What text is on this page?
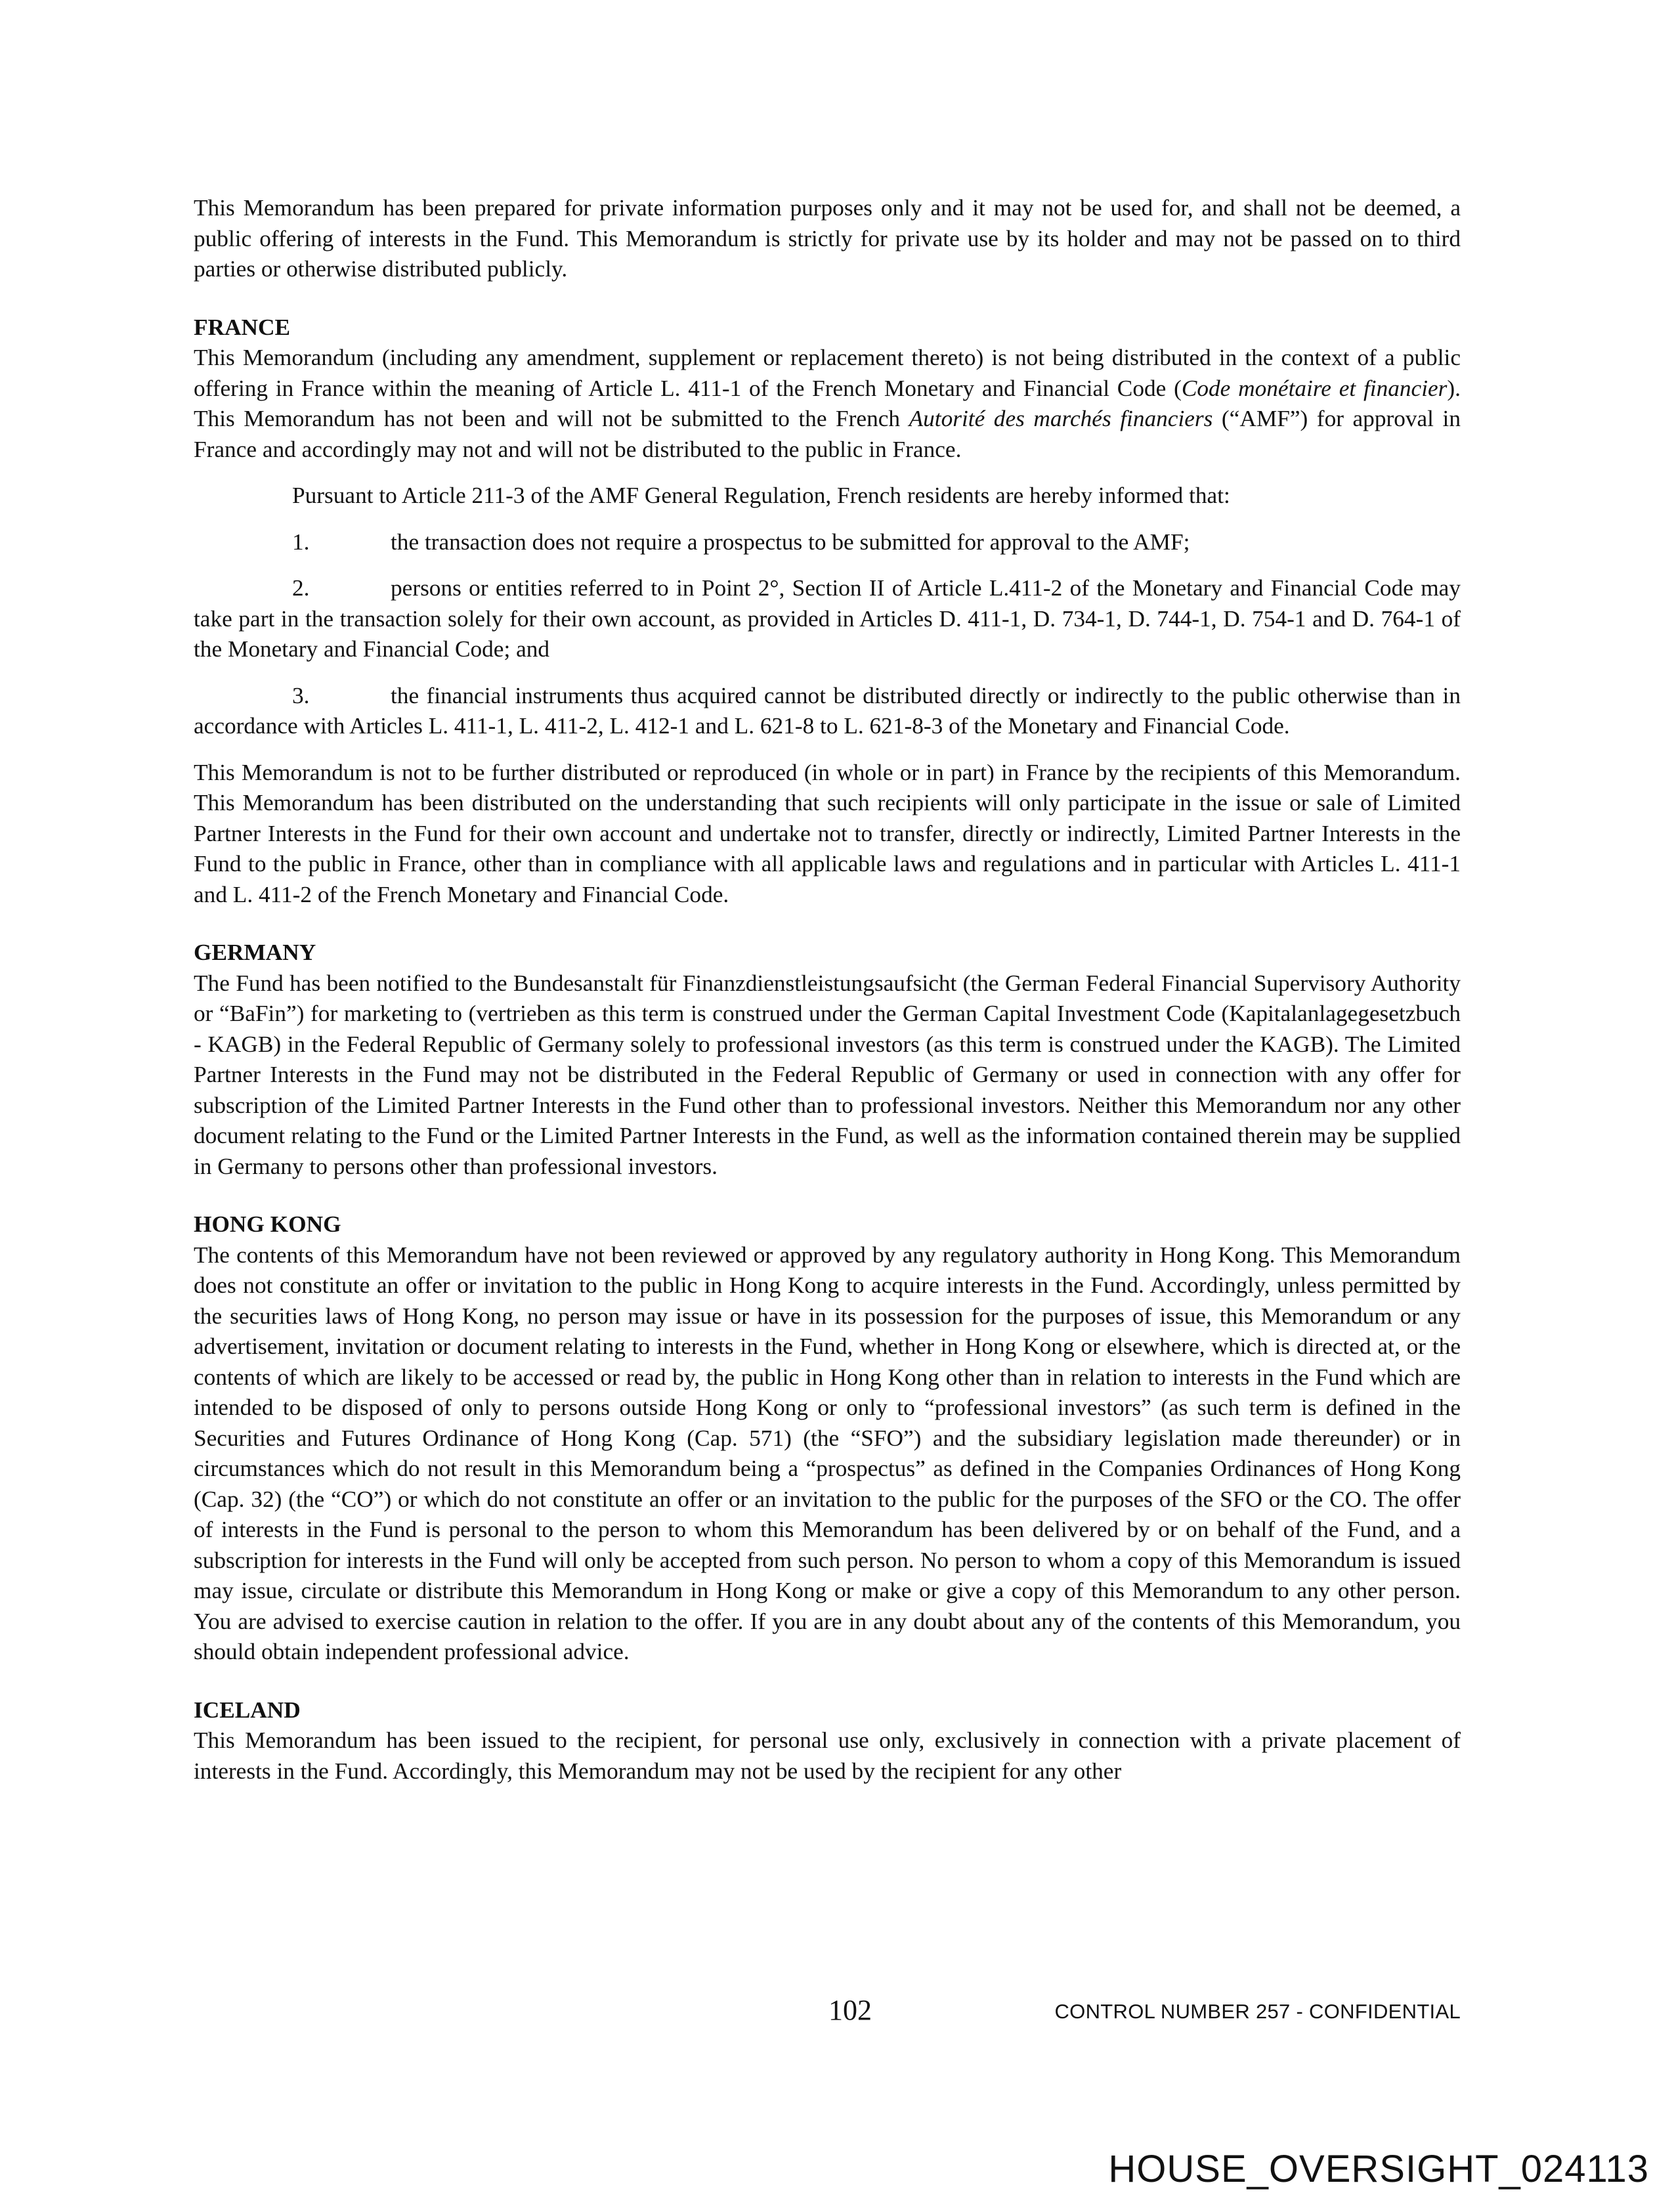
This Memorandum has been prepared for private information purposes only and it may not be used for, and shall not be deemed, a public offering of interests in the Fund. This Memorandum is strictly for private use by its holder and may not be passed on to third parties or otherwise distributed publicly.

FRANCE

This Memorandum (including any amendment, supplement or replacement thereto) is not being distributed in the context of a public offering in France within the meaning of Article L. 411-1 of the French Monetary and Financial Code (Code monétaire et financier). This Memorandum has not been and will not be submitted to the French Autorité des marchés financiers (“AMF”) for approval in France and accordingly may not and will not be distributed to the public in France.

Pursuant to Article 211-3 of the AMF General Regulation, French residents are hereby informed that:

1.	the transaction does not require a prospectus to be submitted for approval to the AMF;

2.	persons or entities referred to in Point 2°, Section II of Article L.411-2 of the Monetary and Financial Code may take part in the transaction solely for their own account, as provided in Articles D. 411-1, D. 734-1, D. 744-1, D. 754-1 and D. 764-1 of the Monetary and Financial Code; and

3.	the financial instruments thus acquired cannot be distributed directly or indirectly to the public otherwise than in accordance with Articles L. 411-1, L. 411-2, L. 412-1 and L. 621-8 to L. 621-8-3 of the Monetary and Financial Code.

This Memorandum is not to be further distributed or reproduced (in whole or in part) in France by the recipients of this Memorandum. This Memorandum has been distributed on the understanding that such recipients will only participate in the issue or sale of Limited Partner Interests in the Fund for their own account and undertake not to transfer, directly or indirectly, Limited Partner Interests in the Fund to the public in France, other than in compliance with all applicable laws and regulations and in particular with Articles L. 411-1 and L. 411-2 of the French Monetary and Financial Code.

GERMANY

The Fund has been notified to the Bundesanstalt für Finanzdienstleistungsaufsicht (the German Federal Financial Supervisory Authority or “BaFin”) for marketing to (vertrieben as this term is construed under the German Capital Investment Code (Kapitalanlagegesetzbuch - KAGB) in the Federal Republic of Germany solely to professional investors (as this term is construed under the KAGB). The Limited Partner Interests in the Fund may not be distributed in the Federal Republic of Germany or used in connection with any offer for subscription of the Limited Partner Interests in the Fund other than to professional investors. Neither this Memorandum nor any other document relating to the Fund or the Limited Partner Interests in the Fund, as well as the information contained therein may be supplied in Germany to persons other than professional investors.

HONG KONG

The contents of this Memorandum have not been reviewed or approved by any regulatory authority in Hong Kong. This Memorandum does not constitute an offer or invitation to the public in Hong Kong to acquire interests in the Fund. Accordingly, unless permitted by the securities laws of Hong Kong, no person may issue or have in its possession for the purposes of issue, this Memorandum or any advertisement, invitation or document relating to interests in the Fund, whether in Hong Kong or elsewhere, which is directed at, or the contents of which are likely to be accessed or read by, the public in Hong Kong other than in relation to interests in the Fund which are intended to be disposed of only to persons outside Hong Kong or only to “professional investors” (as such term is defined in the Securities and Futures Ordinance of Hong Kong (Cap. 571) (the “SFO”) and the subsidiary legislation made thereunder) or in circumstances which do not result in this Memorandum being a “prospectus” as defined in the Companies Ordinances of Hong Kong (Cap. 32) (the “CO”) or which do not constitute an offer or an invitation to the public for the purposes of the SFO or the CO. The offer of interests in the Fund is personal to the person to whom this Memorandum has been delivered by or on behalf of the Fund, and a subscription for interests in the Fund will only be accepted from such person. No person to whom a copy of this Memorandum is issued may issue, circulate or distribute this Memorandum in Hong Kong or make or give a copy of this Memorandum to any other person. You are advised to exercise caution in relation to the offer. If you are in any doubt about any of the contents of this Memorandum, you should obtain independent professional advice.

ICELAND

This Memorandum has been issued to the recipient, for personal use only, exclusively in connection with a private placement of interests in the Fund. Accordingly, this Memorandum may not be used by the recipient for any other

102	CONTROL NUMBER 257 - CONFIDENTIAL
HOUSE_OVERSIGHT_024113
